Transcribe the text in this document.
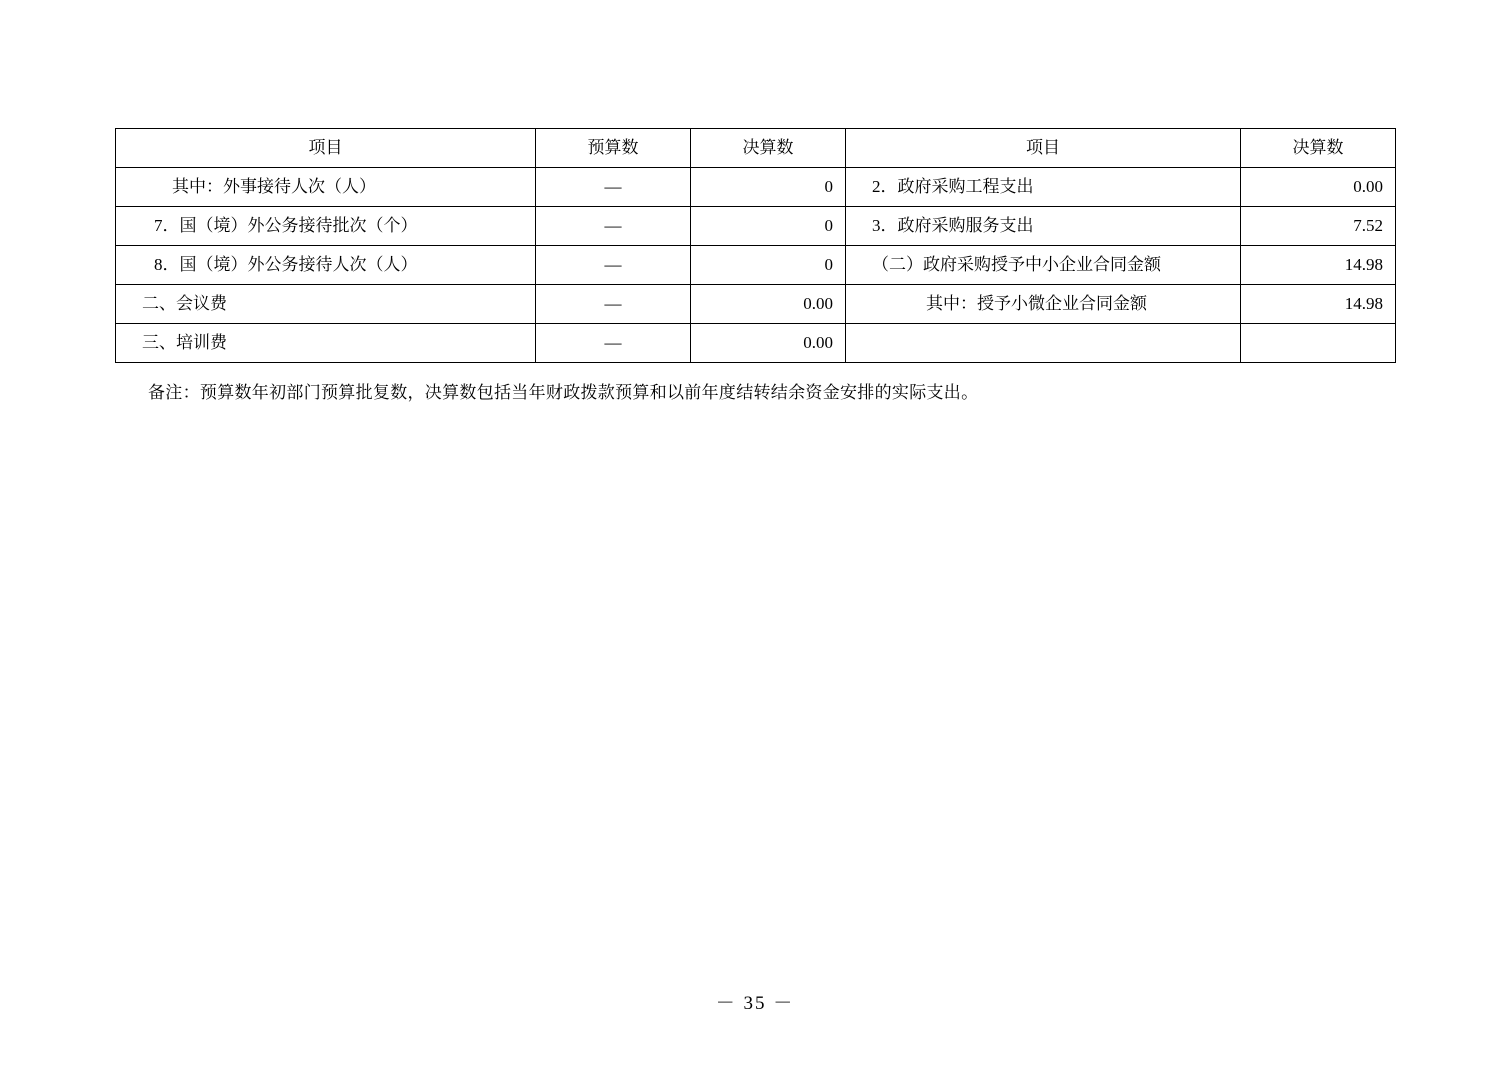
项目	预算数	决算数	项目	决算数
其中：外事接待人次（人）	—	0	2．政府采购工程支出	0.00
7．国（境）外公务接待批次（个）	—	0	3．政府采购服务支出	7.52
8．国（境）外公务接待人次（人）	—	0	（二）政府采购授予中小企业合同金额	14.98
二、会议费	—	0.00	其中：授予小微企业合同金额	14.98
三、培训费	—	0.00		
备注：预算数年初部门预算批复数，决算数包括当年财政拨款预算和以前年度结转结余资金安排的实际支出。
－ 35 －
